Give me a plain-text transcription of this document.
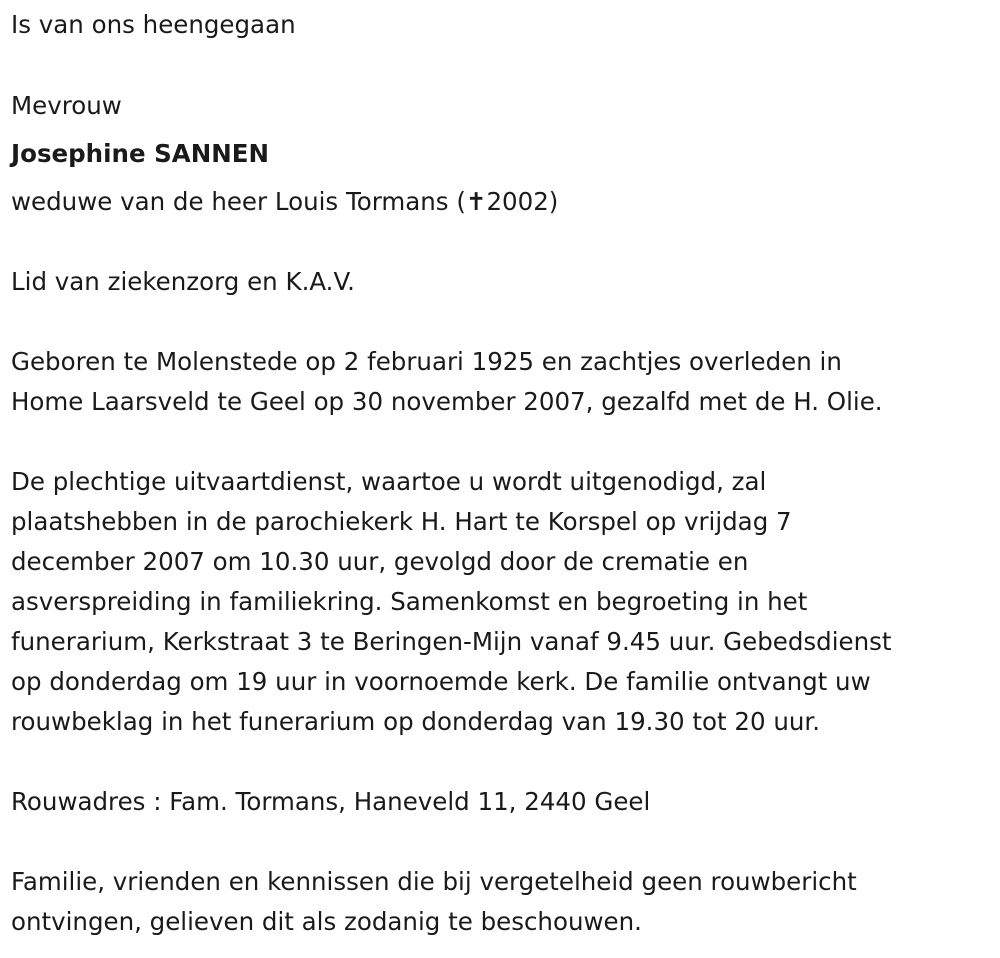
Is van ons heengegaan
Mevrouw
Josephine SANNEN
weduwe van de heer Louis Tormans (✝2002)
Lid van ziekenzorg en K.A.V.
Geboren te Molenstede op 2 februari 1925 en zachtjes overleden in
Home Laarsveld te Geel op 30 november 2007, gezalfd met de H. Olie.
De plechtige uitvaartdienst, waartoe u wordt uitgenodigd, zal
plaatshebben in de parochiekerk H. Hart te Korspel op vrijdag 7
december 2007 om 10.30 uur, gevolgd door de crematie en
asverspreiding in familiekring. Samenkomst en begroeting in het
funerarium, Kerkstraat 3 te Beringen-Mijn vanaf 9.45 uur. Gebedsdienst
op donderdag om 19 uur in voornoemde kerk. De familie ontvangt uw
rouwbeklag in het funerarium op donderdag van 19.30 tot 20 uur.
Rouwadres : Fam. Tormans, Haneveld 11, 2440 Geel
Familie, vrienden en kennissen die bij vergetelheid geen rouwbericht
ontvingen, gelieven dit als zodanig te beschouwen.
